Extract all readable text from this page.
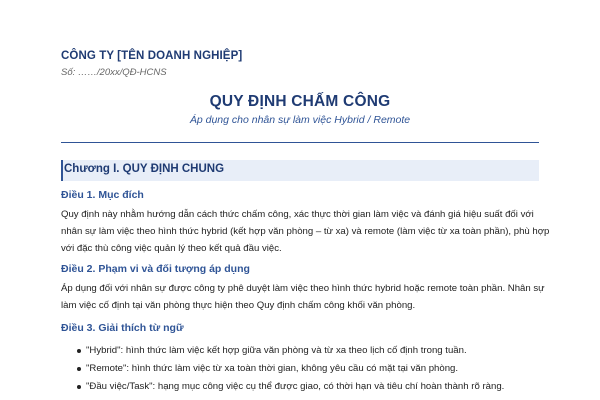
CÔNG TY [TÊN DOANH NGHIỆP]
Số: ……/20xx/QĐ-HCNS
QUY ĐỊNH CHẤM CÔNG
Áp dụng cho nhân sự làm việc Hybrid / Remote
Chương I. QUY ĐỊNH CHUNG
Điều 1. Mục đích
Quy định này nhằm hướng dẫn cách thức chấm công, xác thực thời gian làm việc và đánh giá hiệu suất đối với
nhân sự làm việc theo hình thức hybrid (kết hợp văn phòng – từ xa) và remote (làm việc từ xa toàn phần), phù hợp
với đặc thù công việc quản lý theo kết quả đầu việc.
Điều 2. Phạm vi và đối tượng áp dụng
Áp dụng đối với nhân sự được công ty phê duyệt làm việc theo hình thức hybrid hoặc remote toàn phần. Nhân sự
làm việc cố định tại văn phòng thực hiện theo Quy định chấm công khối văn phòng.
Điều 3. Giải thích từ ngữ
"Hybrid": hình thức làm việc kết hợp giữa văn phòng và từ xa theo lịch cố định trong tuần.
"Remote": hình thức làm việc từ xa toàn thời gian, không yêu cầu có mặt tại văn phòng.
"Đầu việc/Task": hạng mục công việc cụ thể được giao, có thời hạn và tiêu chí hoàn thành rõ ràng.
